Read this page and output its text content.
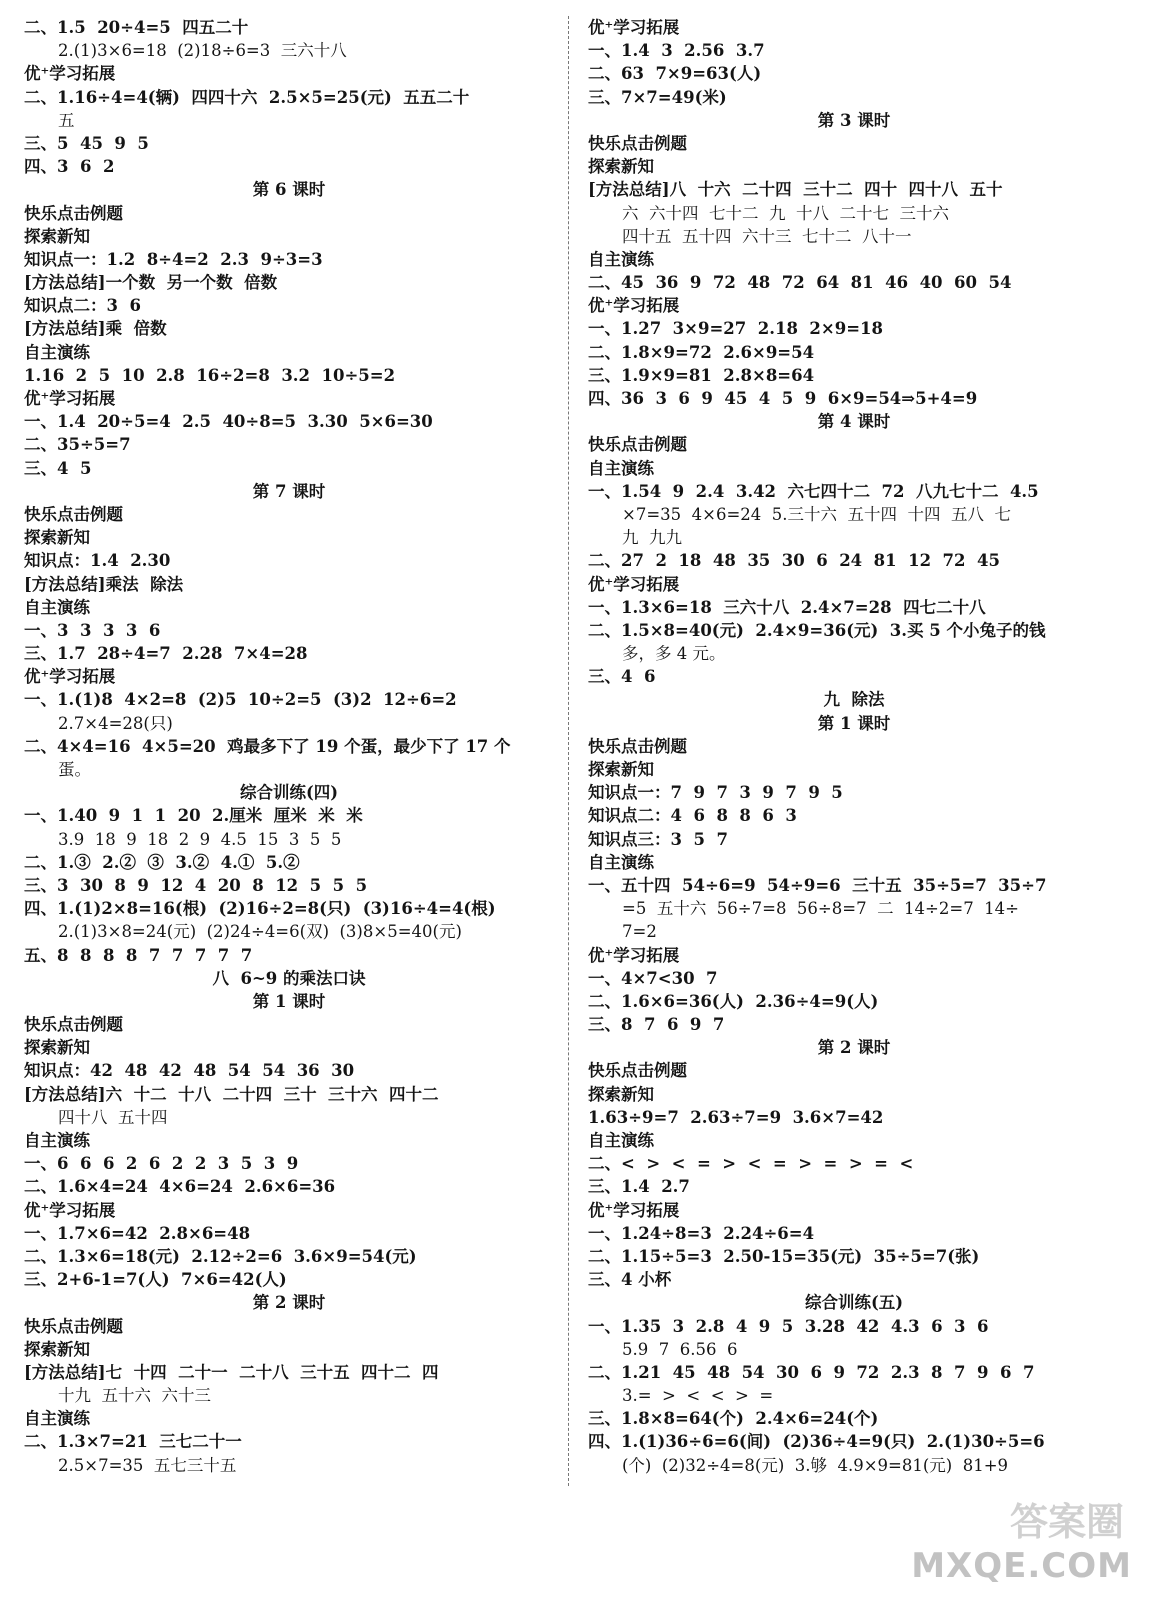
二、1.5  20÷4=5  四五二十
2.(1)3×6=18  (2)18÷6=3  三六十八
优⁺学习拓展
二、1.16÷4=4(辆)  四四十六  2.5×5=25(元)  五五二十
五
三、5  45  9  5
四、3  6  2
第 6 课时
快乐点击例题
探索新知
知识点一：1.2  8÷4=2  2.3  9÷3=3
[方法总结]一个数  另一个数  倍数
知识点二：3  6
[方法总结]乘  倍数
自主演练
1.16  2  5  10  2.8  16÷2=8  3.2  10÷5=2
优⁺学习拓展
一、1.4  20÷5=4  2.5  40÷8=5  3.30  5×6=30
二、35÷5=7
三、4  5
第 7 课时
快乐点击例题
探索新知
知识点：1.4  2.30
[方法总结]乘法  除法
自主演练
一、3  3  3  3  6
三、1.7  28÷4=7  2.28  7×4=28
优⁺学习拓展
一、1.(1)8  4×2=8  (2)5  10÷2=5  (3)2  12÷6=2
2.7×4=28(只)
二、4×4=16  4×5=20  鸡最多下了 19 个蛋，最少下了 17 个
蛋。
综合训练(四)
一、1.40  9  1  1  20  2.厘米  厘米  米  米
3.9  18  9  18  2  9  4.5  15  3  5  5
二、1.③  2.②  ③  3.②  4.①  5.②
三、3  30  8  9  12  4  20  8  12  5  5  5
四、1.(1)2×8=16(根)  (2)16÷2=8(只)  (3)16÷4=4(根)
2.(1)3×8=24(元)  (2)24÷4=6(双)  (3)8×5=40(元)
五、8  8  8  8  7  7  7  7  7
八  6~9 的乘法口诀
第 1 课时
快乐点击例题
探索新知
知识点：42  48  42  48  54  54  36  30
[方法总结]六  十二  十八  二十四  三十  三十六  四十二
四十八  五十四
自主演练
一、6  6  6  2  6  2  2  3  5  3  9
二、1.6×4=24  4×6=24  2.6×6=36
优⁺学习拓展
一、1.7×6=42  2.8×6=48
二、1.3×6=18(元)  2.12÷2=6  3.6×9=54(元)
三、2+6-1=7(人)  7×6=42(人)
第 2 课时
快乐点击例题
探索新知
[方法总结]七  十四  二十一  二十八  三十五  四十二  四
十九  五十六  六十三
自主演练
二、1.3×7=21  三七二十一
2.5×7=35  五七三十五
优⁺学习拓展
一、1.4  3  2.56  3.7
二、63  7×9=63(人)
三、7×7=49(米)
第 3 课时
快乐点击例题
探索新知
[方法总结]八  十六  二十四  三十二  四十  四十八  五十
六  六十四  七十二  九  十八  二十七  三十六
四十五  五十四  六十三  七十二  八十一
自主演练
二、45  36  9  72  48  72  64  81  46  40  60  54
优⁺学习拓展
一、1.27  3×9=27  2.18  2×9=18
二、1.8×9=72  2.6×9=54
三、1.9×9=81  2.8×8=64
四、36  3  6  9  45  4  5  9  6×9=54⇒5+4=9
第 4 课时
快乐点击例题
自主演练
一、1.54  9  2.4  3.42  六七四十二  72  八九七十二  4.5
×7=35  4×6=24  5.三十六  五十四  十四  五八  七
九  九九
二、27  2  18  48  35  30  6  24  81  12  72  45
优⁺学习拓展
一、1.3×6=18  三六十八  2.4×7=28  四七二十八
二、1.5×8=40(元)  2.4×9=36(元)  3.买 5 个小兔子的钱
多，多 4 元。
三、4  6
九  除法
第 1 课时
快乐点击例题
探索新知
知识点一：7  9  7  3  9  7  9  5
知识点二：4  6  8  8  6  3
知识点三：3  5  7
自主演练
一、五十四  54÷6=9  54÷9=6  三十五  35÷5=7  35÷7
=5  五十六  56÷7=8  56÷8=7  二  14÷2=7  14÷
7=2
优⁺学习拓展
一、4×7<30  7
二、1.6×6=36(人)  2.36÷4=9(人)
三、8  7  6  9  7
第 2 课时
快乐点击例题
探索新知
1.63÷9=7  2.63÷7=9  3.6×7=42
自主演练
二、<  >  <  =  >  <  =  >  =  >  =  <
三、1.4  2.7
优⁺学习拓展
一、1.24÷8=3  2.24÷6=4
二、1.15÷5=3  2.50-15=35(元)  35÷5=7(张)
三、4 小杯
综合训练(五)
一、1.35  3  2.8  4  9  5  3.28  42  4.3  6  3  6
5.9  7  6.56  6
二、1.21  45  48  54  30  6  9  72  2.3  8  7  9  6  7
3.=  >  <  <  >  =
三、1.8×8=64(个)  2.4×6=24(个)
四、1.(1)36÷6=6(间)  (2)36÷4=9(只)  2.(1)30÷5=6
(个)  (2)32÷4=8(元)  3.够  4.9×9=81(元)  81+9
答案圈
MXQE.COM
